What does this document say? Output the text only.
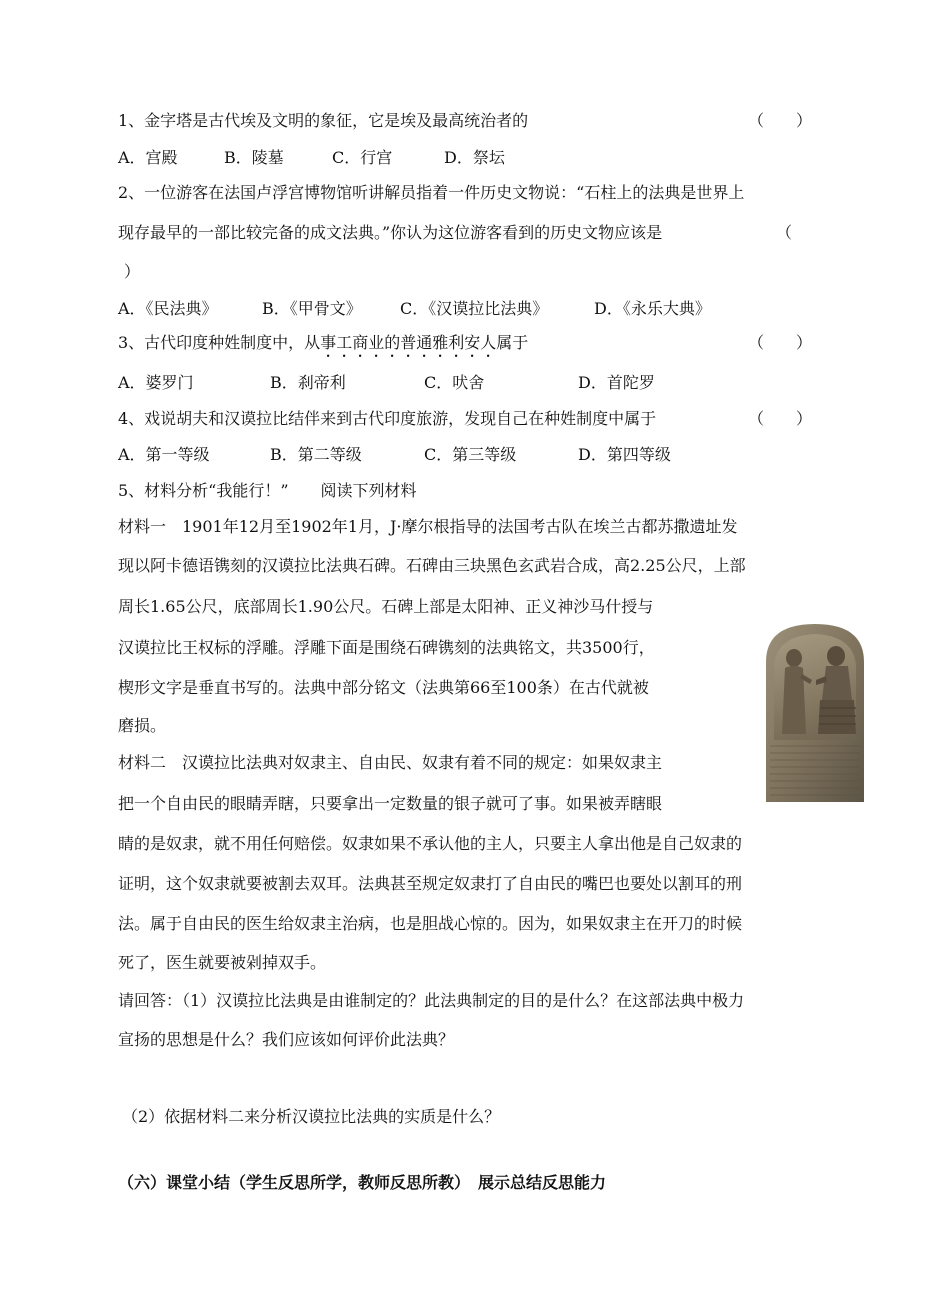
1、金字塔是古代埃及文明的象征，它是埃及最高统治者的	（　　）
A．宫殿	B．陵墓	C．行宫	D．祭坛
2、一位游客在法国卢浮宫博物馆听讲解员指着一件历史文物说：“石柱上的法典是世界上
现存最早的一部比较完备的成文法典。”你认为这位游客看到的历史文物应该是	（
）
A．《民法典》	B．《甲骨文》 C．《汉谟拉比法典》	D．《永乐大典》
3、古代印度种姓制度中，从事工商业的普通雅利安人属于	（　　）
A．婆罗门	B．刹帝利	C．吠舍	D．首陀罗
4、戏说胡夫和汉谟拉比结伴来到古代印度旅游，发现自己在种姓制度中属于	（　　）
A．第一等级	B．第二等级	C．第三等级	D．第四等级
5、材料分析“我能行！”　　阅读下列材料
材料一　1901年12月至1902年1月，J·摩尔根指导的法国考古队在埃兰古都苏撒遗址发
现以阿卡德语镌刻的汉谟拉比法典石碑。石碑由三块黑色玄武岩合成，高2.25公尺，上部
周长1.65公尺，底部周长1.90公尺。石碑上部是太阳神、正义神沙马什授与
汉谟拉比王权标的浮雕。浮雕下面是围绕石碑镌刻的法典铭文，共3500行，
楔形文字是垂直书写的。法典中部分铭文（法典第66至100条）在古代就被
磨损。
材料二　汉谟拉比法典对奴隶主、自由民、奴隶有着不同的规定：如果奴隶主
把一个自由民的眼睛弄瞎，只要拿出一定数量的银子就可了事。如果被弄瞎眼
睛的是奴隶，就不用任何赔偿。奴隶如果不承认他的主人，只要主人拿出他是自己奴隶的
证明，这个奴隶就要被割去双耳。法典甚至规定奴隶打了自由民的嘴巴也要处以割耳的刑
法。属于自由民的医生给奴隶主治病，也是胆战心惊的。因为，如果奴隶主在开刀的时候
死了，医生就要被剁掉双手。
请回答：（1）汉谟拉比法典是由谁制定的？此法典制定的目的是什么？在这部法典中极力
宣扬的思想是什么？我们应该如何评价此法典？
（2）依据材料二来分析汉谟拉比法典的实质是什么？
（六）课堂小结（学生反思所学，教师反思所教）　展示总结反思能力
